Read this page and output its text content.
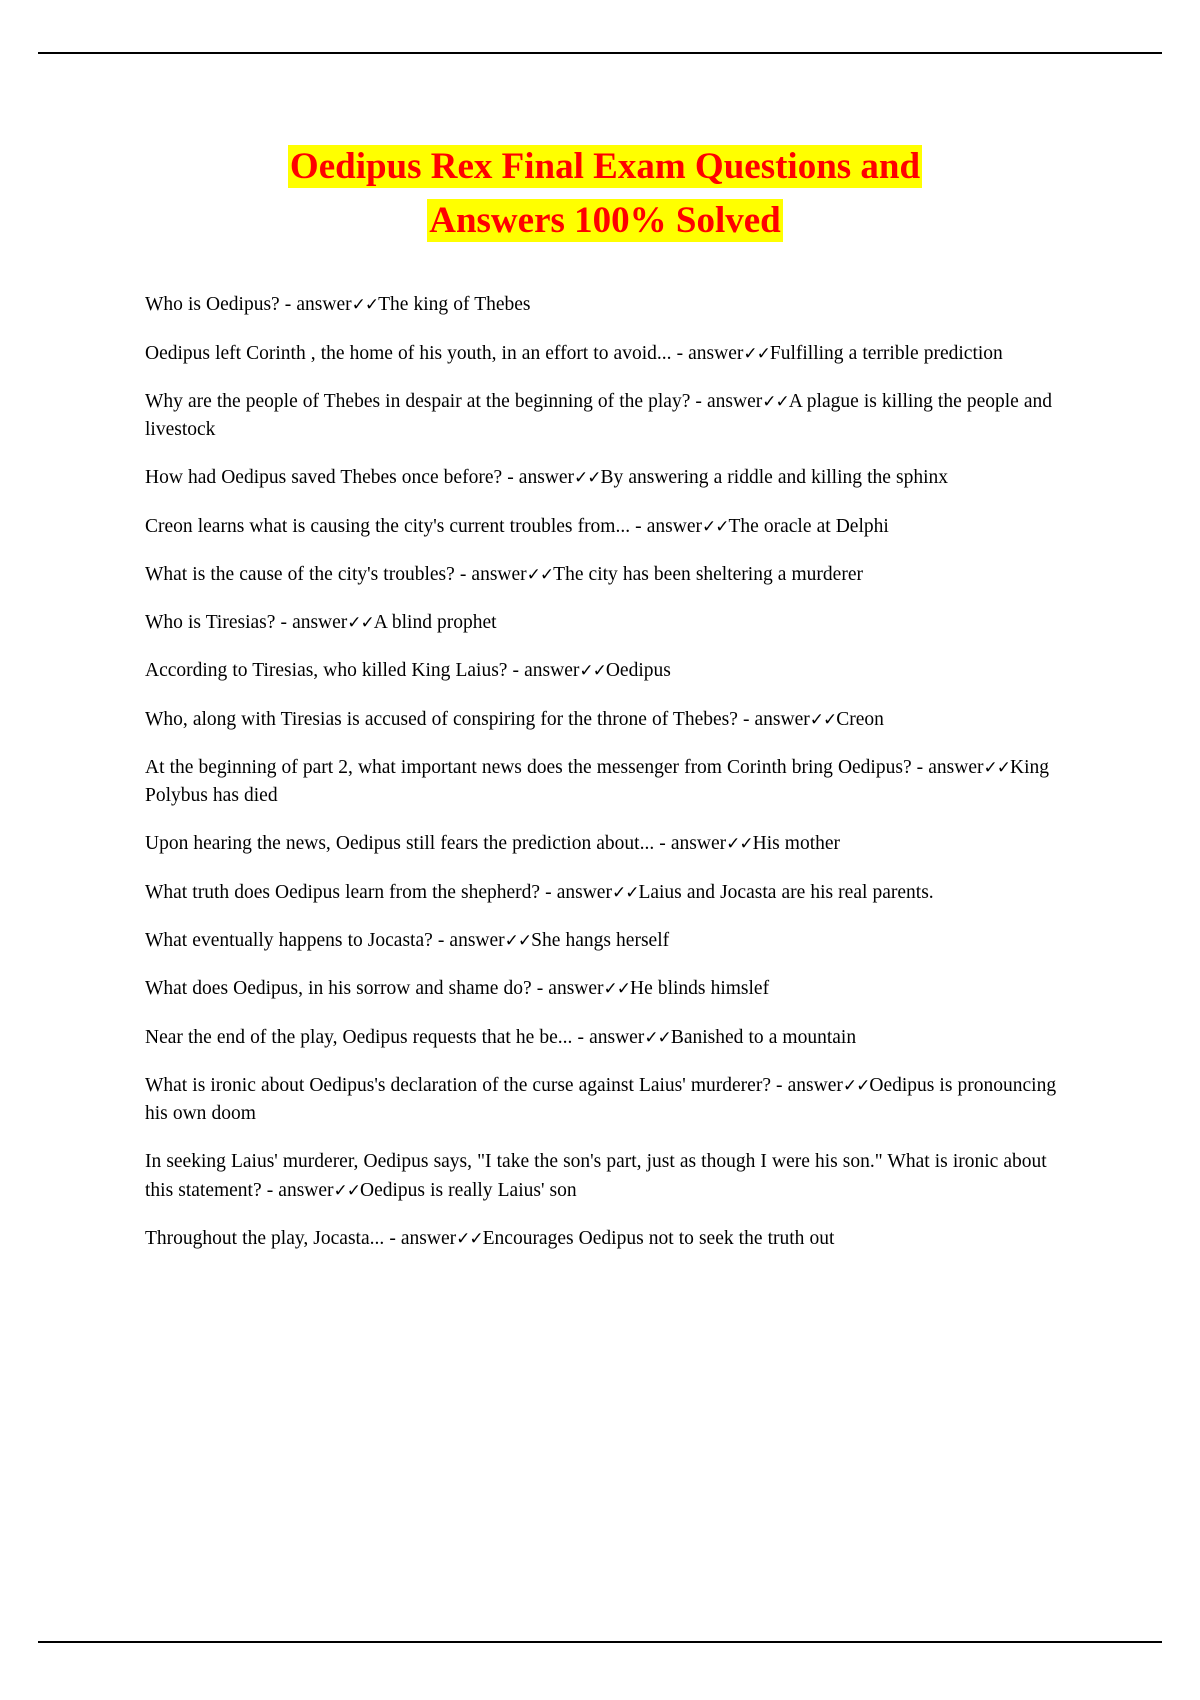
Oedipus Rex Final Exam Questions and
Answers 100% Solved

Who is Oedipus? - answer✓✓The king of Thebes

Oedipus left Corinth , the home of his youth, in an effort to avoid... - answer✓✓Fulfilling a terrible prediction

Why are the people of Thebes in despair at the beginning of the play? - answer✓✓A plague is killing the people and livestock

How had Oedipus saved Thebes once before? - answer✓✓By answering a riddle and killing the sphinx

Creon learns what is causing the city's current troubles from... - answer✓✓The oracle at Delphi

What is the cause of the city's troubles? - answer✓✓The city has been sheltering a murderer

Who is Tiresias? - answer✓✓A blind prophet

According to Tiresias, who killed King Laius? - answer✓✓Oedipus

Who, along with Tiresias is accused of conspiring for the throne of Thebes? - answer✓✓Creon

At the beginning of part 2, what important news does the messenger from Corinth bring Oedipus? - answer✓✓King Polybus has died

Upon hearing the news, Oedipus still fears the prediction about... - answer✓✓His mother

What truth does Oedipus learn from the shepherd? - answer✓✓Laius and Jocasta are his real parents.

What eventually happens to Jocasta? - answer✓✓She hangs herself

What does Oedipus, in his sorrow and shame do? - answer✓✓He blinds himslef

Near the end of the play, Oedipus requests that he be... - answer✓✓Banished to a mountain

What is ironic about Oedipus's declaration of the curse against Laius' murderer? - answer✓✓Oedipus is pronouncing his own doom

In seeking Laius' murderer, Oedipus says, "I take the son's part, just as though I were his son." What is ironic about this statement? - answer✓✓Oedipus is really Laius' son

Throughout the play, Jocasta... - answer✓✓Encourages Oedipus not to seek the truth out
